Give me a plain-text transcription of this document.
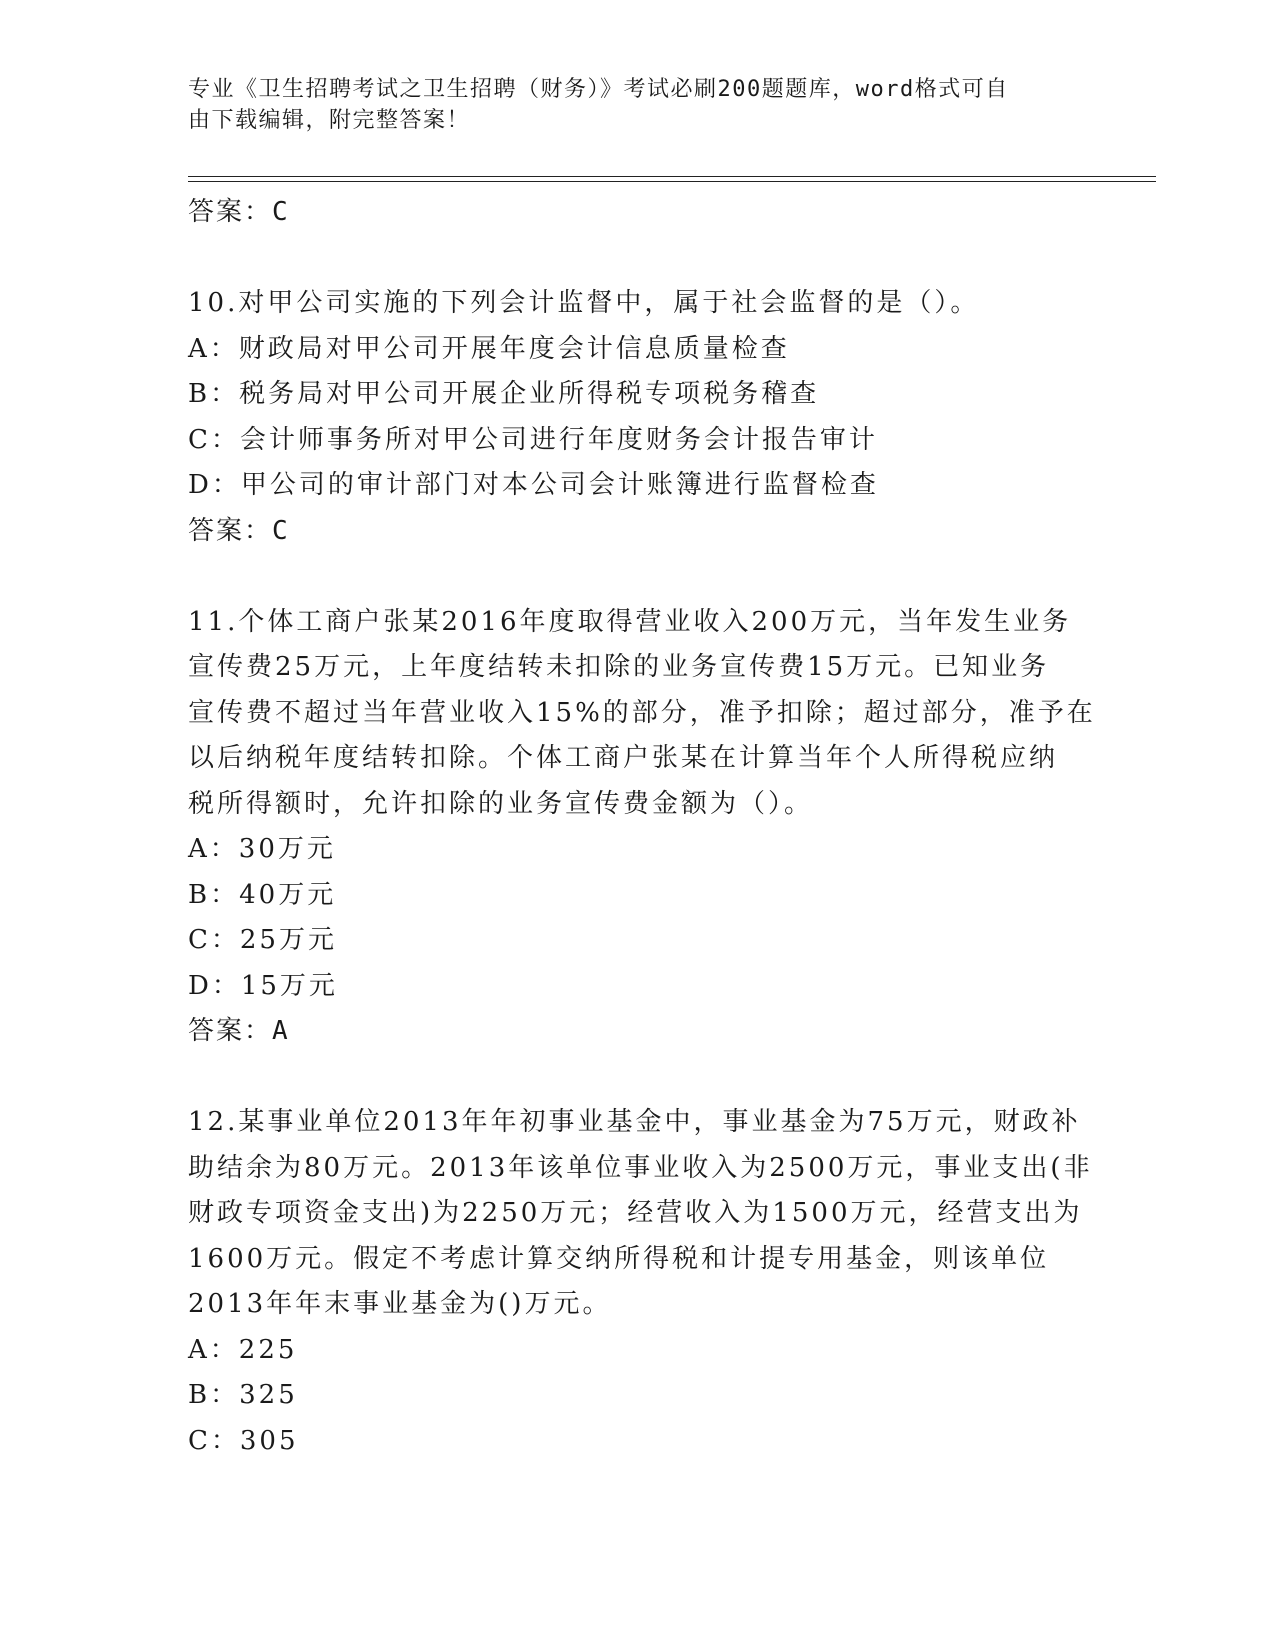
专业《卫生招聘考试之卫生招聘（财务）》考试必刷200题题库，word格式可自
由下载编辑，附完整答案！
答案：C
10.对甲公司实施的下列会计监督中，属于社会监督的是（）。
A：财政局对甲公司开展年度会计信息质量检查
B：税务局对甲公司开展企业所得税专项税务稽查
C：会计师事务所对甲公司进行年度财务会计报告审计
D：甲公司的审计部门对本公司会计账簿进行监督检查
答案：C
11.个体工商户张某2016年度取得营业收入200万元，当年发生业务
宣传费25万元，上年度结转未扣除的业务宣传费15万元。已知业务
宣传费不超过当年营业收入15%的部分，准予扣除；超过部分，准予在
以后纳税年度结转扣除。个体工商户张某在计算当年个人所得税应纳
税所得额时，允许扣除的业务宣传费金额为（）。
A：30万元
B：40万元
C：25万元
D：15万元
答案：A
12.某事业单位2013年年初事业基金中，事业基金为75万元，财政补
助结余为80万元。2013年该单位事业收入为2500万元，事业支出(非
财政专项资金支出)为2250万元；经营收入为1500万元，经营支出为
1600万元。假定不考虑计算交纳所得税和计提专用基金，则该单位
2013年年末事业基金为()万元。
A：225
B：325
C：305
